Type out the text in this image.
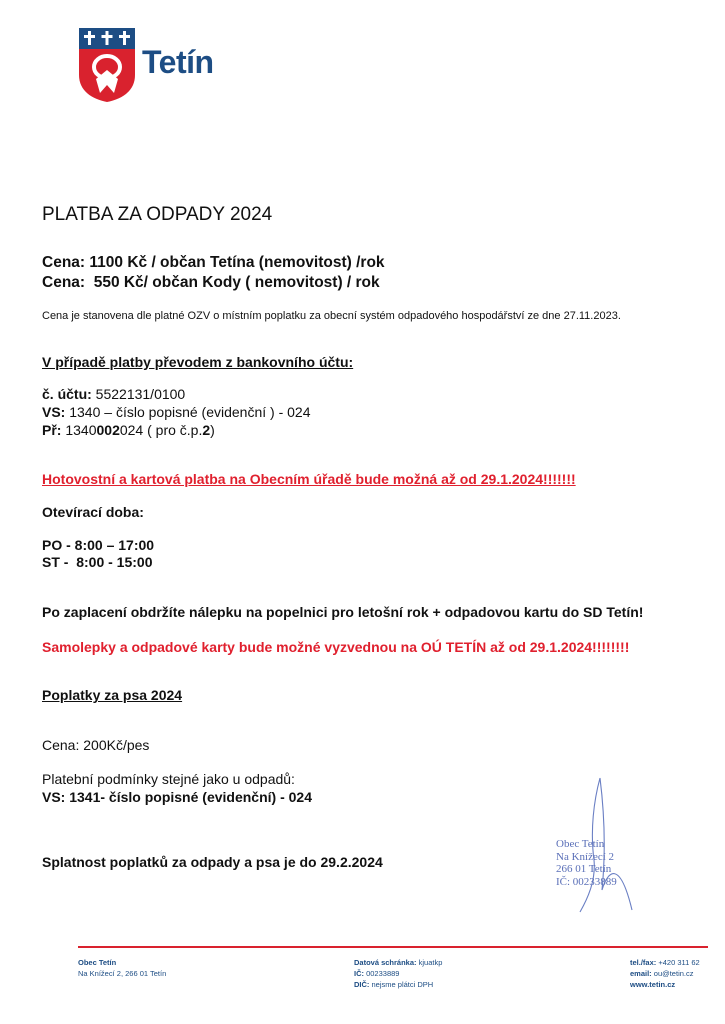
Tetín
PLATBA ZA ODPADY 2024
Cena: 1100 Kč / občan Tetína (nemovitost) /rok
Cena:  550 Kč/ občan Kody ( nemovitost) / rok
Cena je stanovena dle platné OZV o místním poplatku za obecní systém odpadového hospodářství ze dne 27.11.2023.
V případě platby převodem z bankovního účtu:
č. účtu: 5522131/0100
VS: 1340 – číslo popisné (evidenční ) - 024
Př: 1340002024 ( pro č.p.2)
Hotovostní a kartová platba na Obecním úřadě bude možná až od 29.1.2024!!!!!!!
Otevírací doba:
PO - 8:00 – 17:00
ST -  8:00 - 15:00
Po zaplacení obdržíte nálepku na popelnici pro letošní rok + odpadovou kartu do SD Tetín!
Samolepky a odpadové karty bude možné vyzvednou na OÚ TETÍN až od 29.1.2024!!!!!!!!
Poplatky za psa 2024
Cena: 200Kč/pes
Platební podmínky stejné jako u odpadů:
VS: 1341- číslo popisné (evidenční) - 024
Splatnost poplatků za odpady a psa je do 29.2.2024
Obec Tetín
Na Knížecí 2
266 01 Tetín
IČ: 00233889
Obec Tetín
Na Knížecí 2, 266 01 Tetín
Datová schránka: kjuatkp
IČ: 00233889
DIČ: nejsme plátci DPH
tel./fax: +420 311 62
email: ou@tetin.cz
www.tetin.cz
